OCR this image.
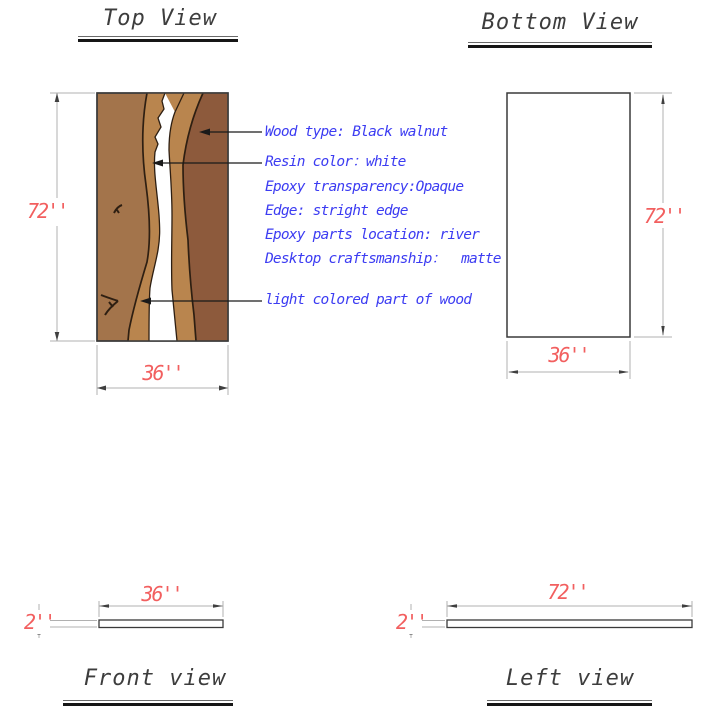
Top View	Bottom View
Front view	Left view
Wood type: Black walnut
Resin color：white
Epoxy transparency:Opaque
Edge: stright edge
Epoxy parts location: river
Desktop craftsmanship：  matte
light colored part of wood
72''
36''
72''
36''
36''
2''
72''
2''
